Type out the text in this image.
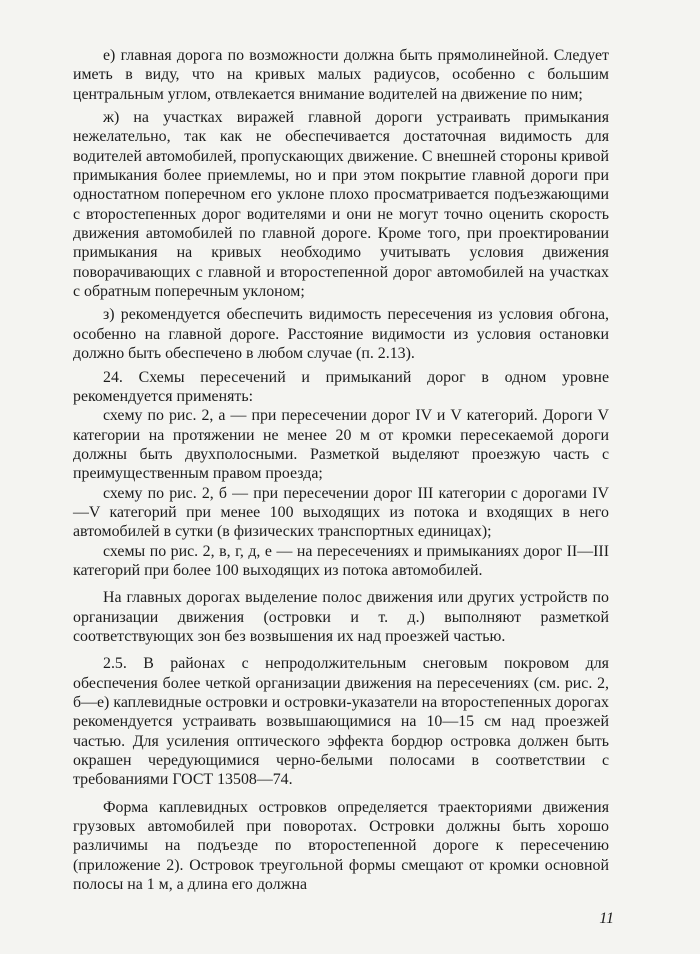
е) главная дорога по возможности должна быть прямолинейной. Следует иметь в виду, что на кривых малых радиусов, особенно с большим центральным углом, отвлекается внимание водителей на движение по ним;

ж) на участках виражей главной дороги устраивать примыкания нежелательно, так как не обеспечивается достаточная видимость для водителей автомобилей, пропускающих движение. С внешней стороны кривой примыкания более приемлемы, но и при этом покрытие главной дороги при одностатном поперечном его уклоне плохо просматривается подъезжающими с второстепенных дорог водителями и они не могут точно оценить скорость движения автомобилей по главной дороге. Кроме того, при проектировании примыкания на кривых необходимо учитывать условия движения поворачивающих с главной и второстепенной дорог автомобилей на участках с обратным поперечным уклоном;

з) рекомендуется обеспечить видимость пересечения из условия обгона, особенно на главной дороге. Расстояние видимости из условия остановки должно быть обеспечено в любом случае (п. 2.13).

24. Схемы пересечений и примыканий дорог в одном уровне рекомендуется применять:

схему по рис. 2, а — при пересечении дорог IV и V категорий. Дороги V категории на протяжении не менее 20 м от кромки пересекаемой дороги должны быть двухполосными. Разметкой выделяют проезжую часть с преимущественным правом проезда;

схему по рис. 2, б — при пересечении дорог III категории с дорогами IV—V категорий при менее 100 выходящих из потока и входящих в него автомобилей в сутки (в физических транспортных единицах);

схемы по рис. 2, в, г, д, е — на пересечениях и примыканиях дорог II—III категорий при более 100 выходящих из потока автомобилей.

На главных дорогах выделение полос движения или других устройств по организации движения (островки и т. д.) выполняют разметкой соответствующих зон без возвышения их над проезжей частью.

2.5. В районах с непродолжительным снеговым покровом для обеспечения более четкой организации движения на пересечениях (см. рис. 2, б—е) каплевидные островки и островки-указатели на второстепенных дорогах рекомендуется устраивать возвышающимися на 10—15 см над проезжей частью. Для усиления оптического эффекта бордюр островка должен быть окрашен чередующимися черно-белыми полосами в соответствии с требованиями ГОСТ 13508—74.

Форма каплевидных островков определяется траекториями движения грузовых автомобилей при поворотах. Островки должны быть хорошо различимы на подъезде по второстепенной дороге к пересечению (приложение 2). Островок треугольной формы смещают от кромки основной полосы на 1 м, а длина его должна

11
